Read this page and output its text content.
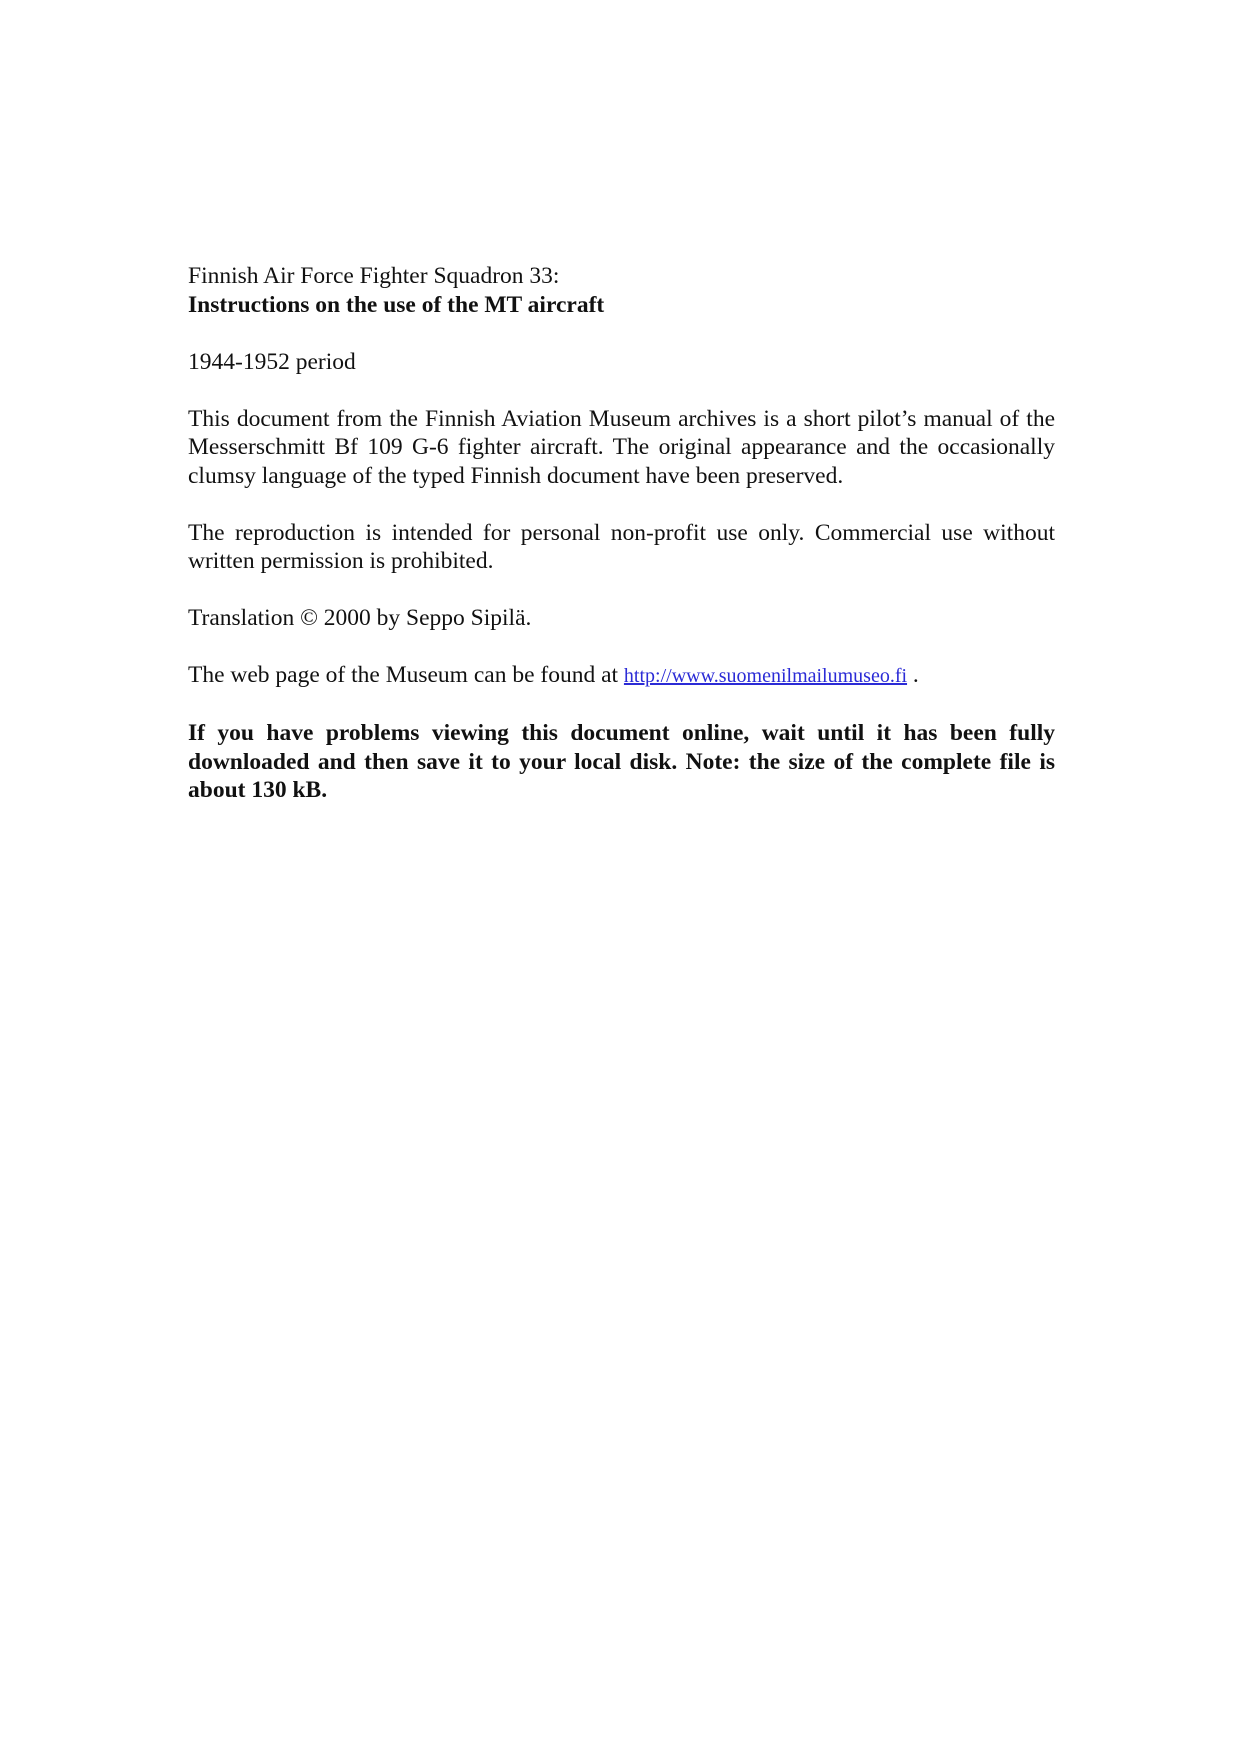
Finnish Air Force Fighter Squadron 33:
Instructions on the use of the MT aircraft

1944-1952 period

This document from the Finnish Aviation Museum archives is a short pilot’s manual of the Messerschmitt Bf 109 G-6 fighter aircraft. The original appearance and the occasionally clumsy language of the typed Finnish document have been preserved.

The reproduction is intended for personal non-profit use only. Commercial use without written permission is prohibited.

Translation © 2000 by Seppo Sipilä.

The web page of the Museum can be found at http://www.suomenilmailumuseo.fi .

If you have problems viewing this document online, wait until it has been fully downloaded and then save it to your local disk. Note: the size of the complete file is about 130 kB.
